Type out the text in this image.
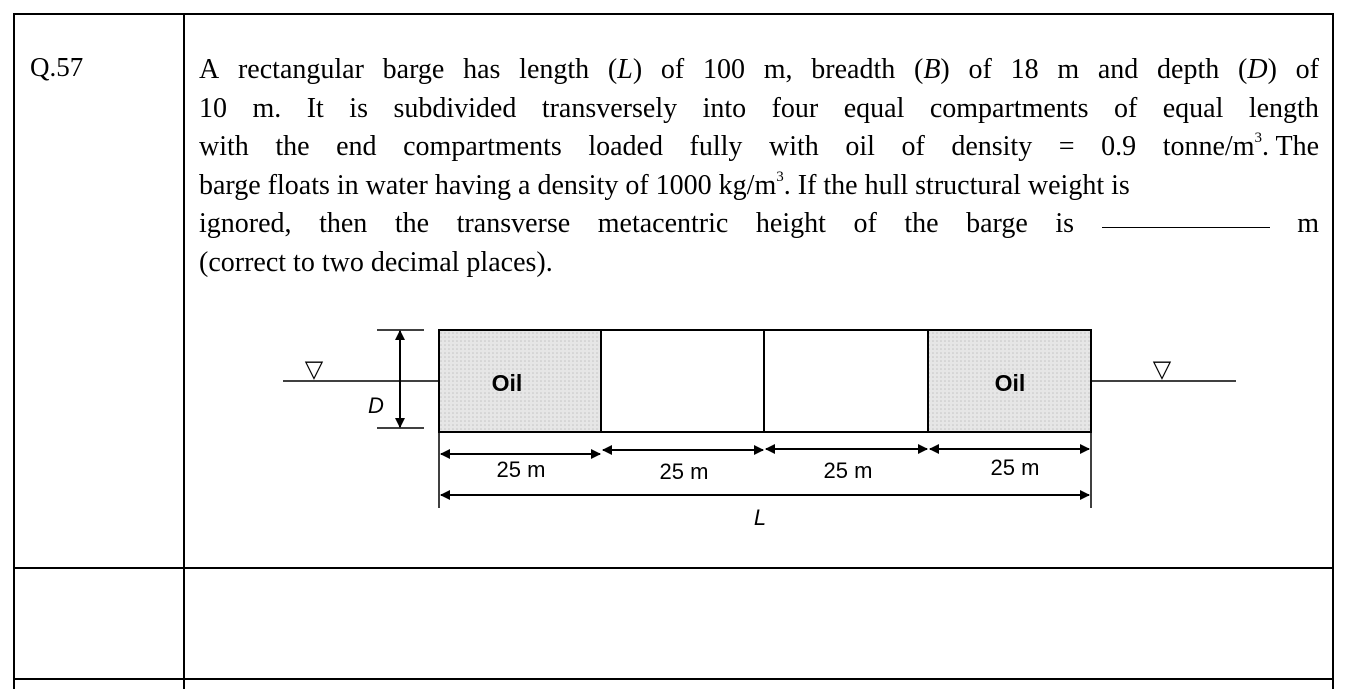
Q.57	A rectangular barge has length (L) of 100 m, breadth (B) of 18 m and depth (D) of
10 m. It is subdivided transversely into four equal compartments of equal length
with the end compartments loaded fully with oil of density = 0.9 tonne/$m^3$. The
barge floats in water having a density of 1000 $kg/m^3$. If the hull structural weight is
ignored, then the transverse metacentric height of the barge is	m
(correct to two decimal places).
▽	▽
Oil	Oil
D
25 m	25 m	25 m	25 m
L
